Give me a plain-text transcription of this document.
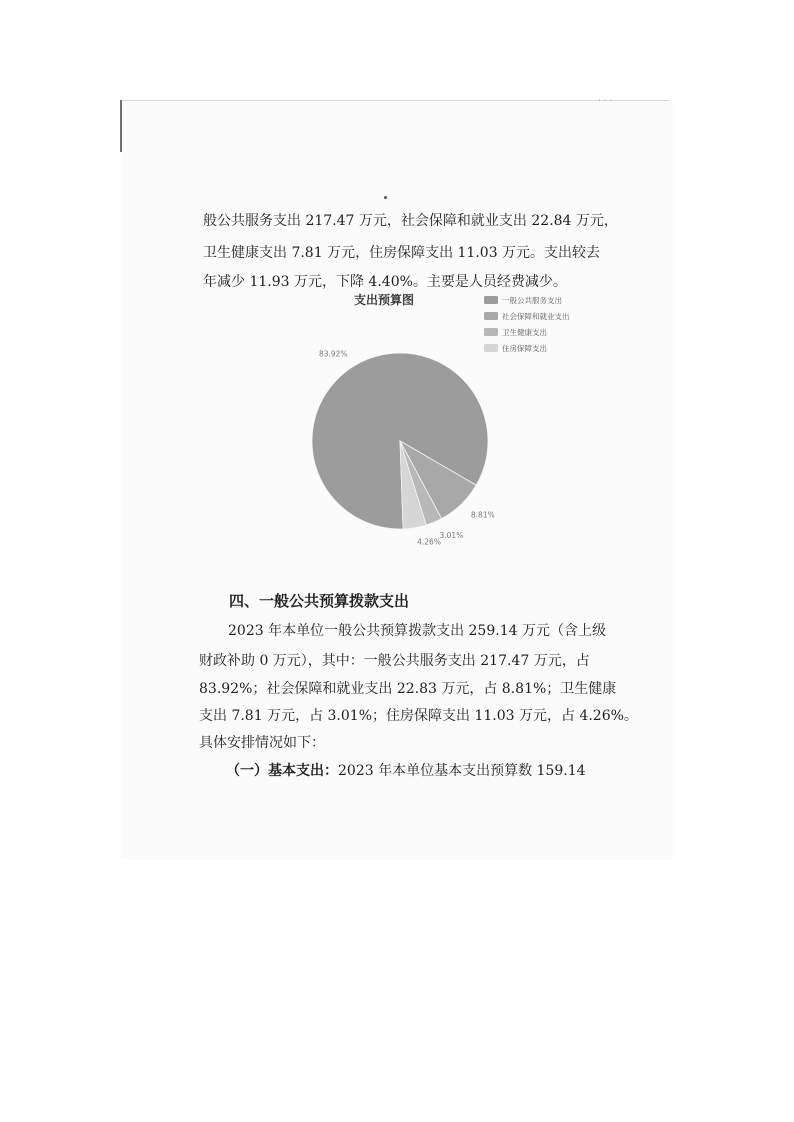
···
般公共服务支出 217.47 万元，社会保障和就业支出 22.84 万元，
卫生健康支出 7.81 万元，住房保障支出 11.03 万元。支出较去
年减少 11.93 万元，下降 4.40%。主要是人员经费减少。
支出预算图
83.92%
8.81%
3.01%
4.26%
一般公共服务支出
社会保障和就业支出
卫生健康支出
住房保障支出
四、一般公共预算拨款支出
2023 年本单位一般公共预算拨款支出 259.14 万元（含上级
财政补助 0 万元），其中：一般公共服务支出 217.47 万元，占
83.92%；社会保障和就业支出 22.83 万元，占 8.81%；卫生健康
支出 7.81 万元，占 3.01%；住房保障支出 11.03 万元，占 4.26%。
具体安排情况如下：
（一）基本支出：2023 年本单位基本支出预算数 159.14
